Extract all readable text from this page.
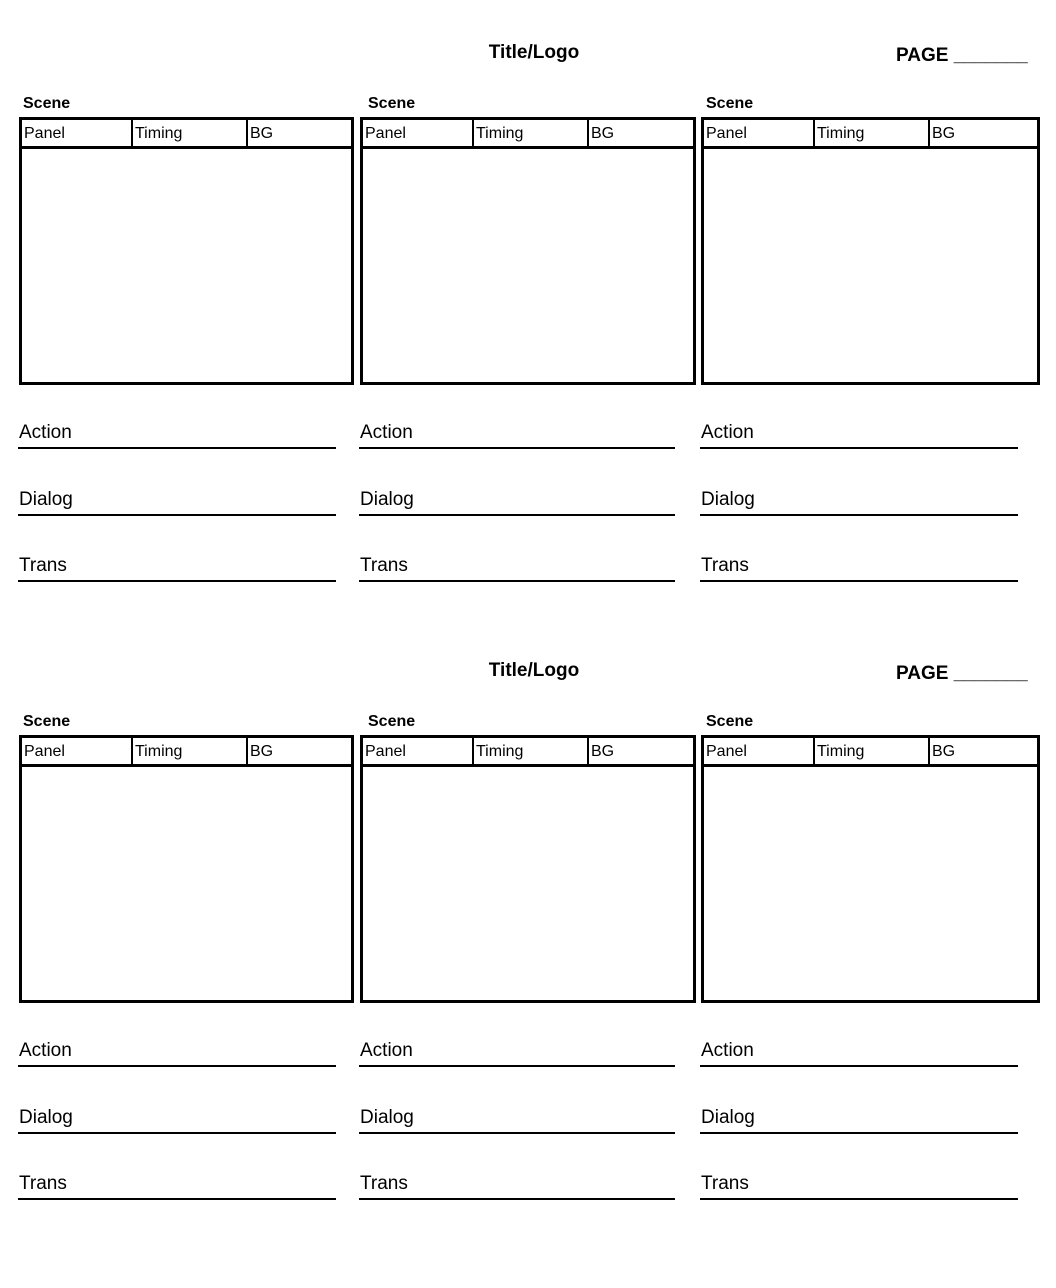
Title/Logo	PAGE _______
Scene
Panel	Timing	BG
Action
Dialog
Trans
Scene
Panel	Timing	BG
Action
Dialog
Trans
Scene
Panel	Timing	BG
Action
Dialog
Trans
Title/Logo	PAGE _______
Scene
Panel	Timing	BG
Action
Dialog
Trans
Scene
Panel	Timing	BG
Action
Dialog
Trans
Scene
Panel	Timing	BG
Action
Dialog
Trans
